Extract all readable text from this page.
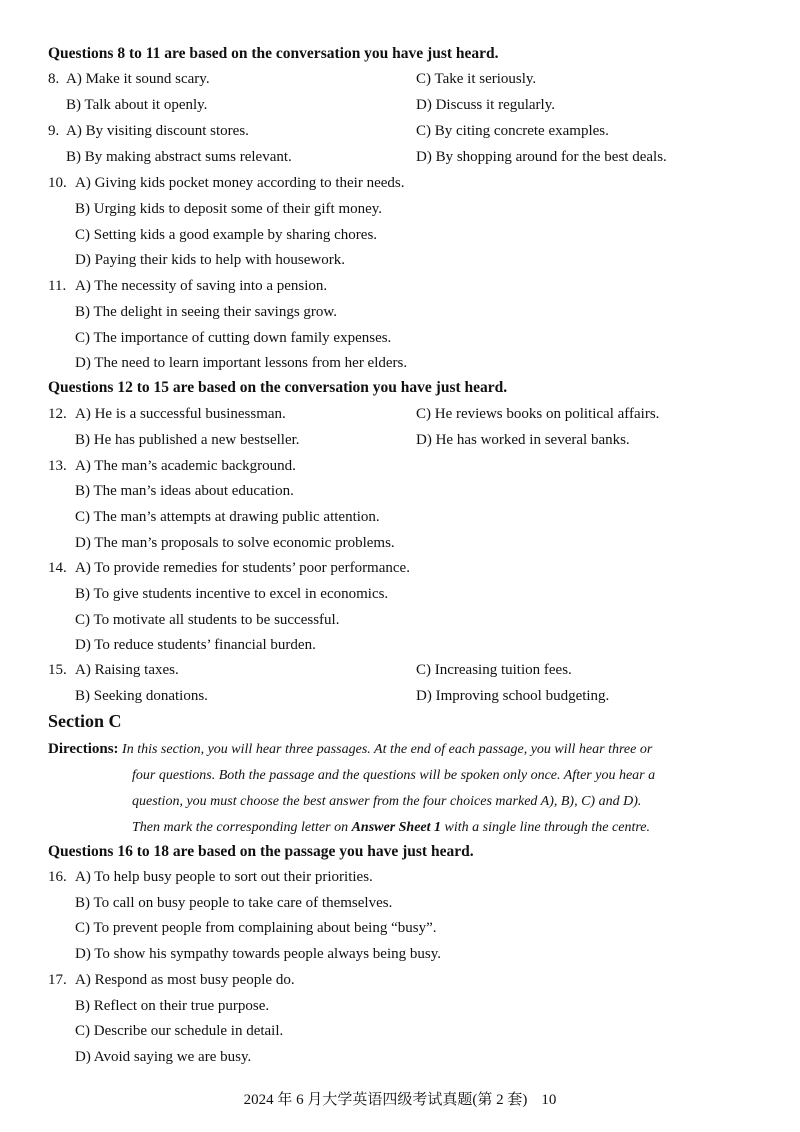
Questions 8 to 11 are based on the conversation you have just heard.
8. A) Make it sound scary.	C) Take it seriously.
B) Talk about it openly.	D) Discuss it regularly.
9. A) By visiting discount stores.	C) By citing concrete examples.
B) By making abstract sums relevant.	D) By shopping around for the best deals.
10. A) Giving kids pocket money according to their needs.
B) Urging kids to deposit some of their gift money.
C) Setting kids a good example by sharing chores.
D) Paying their kids to help with housework.
11. A) The necessity of saving into a pension.
B) The delight in seeing their savings grow.
C) The importance of cutting down family expenses.
D) The need to learn important lessons from her elders.
Questions 12 to 15 are based on the conversation you have just heard.
12. A) He is a successful businessman.	C) He reviews books on political affairs.
B) He has published a new bestseller.	D) He has worked in several banks.
13. A) The man’s academic background.
B) The man’s ideas about education.
C) The man’s attempts at drawing public attention.
D) The man’s proposals to solve economic problems.
14. A) To provide remedies for students’ poor performance.
B) To give students incentive to excel in economics.
C) To motivate all students to be successful.
D) To reduce students’ financial burden.
15. A) Raising taxes.	C) Increasing tuition fees.
B) Seeking donations.	D) Improving school budgeting.
Section C
Directions: In this section, you will hear three passages. At the end of each passage, you will hear three or
four questions. Both the passage and the questions will be spoken only once. After you hear a
question, you must choose the best answer from the four choices marked A), B), C) and D).
Then mark the corresponding letter on Answer Sheet 1 with a single line through the centre.
Questions 16 to 18 are based on the passage you have just heard.
16. A) To help busy people to sort out their priorities.
B) To call on busy people to take care of themselves.
C) To prevent people from complaining about being “busy”.
D) To show his sympathy towards people always being busy.
17. A) Respond as most busy people do.
B) Reflect on their true purpose.
C) Describe our schedule in detail.
D) Avoid saying we are busy.
2024 年 6 月大学英语四级考试真题(第 2 套) 10
